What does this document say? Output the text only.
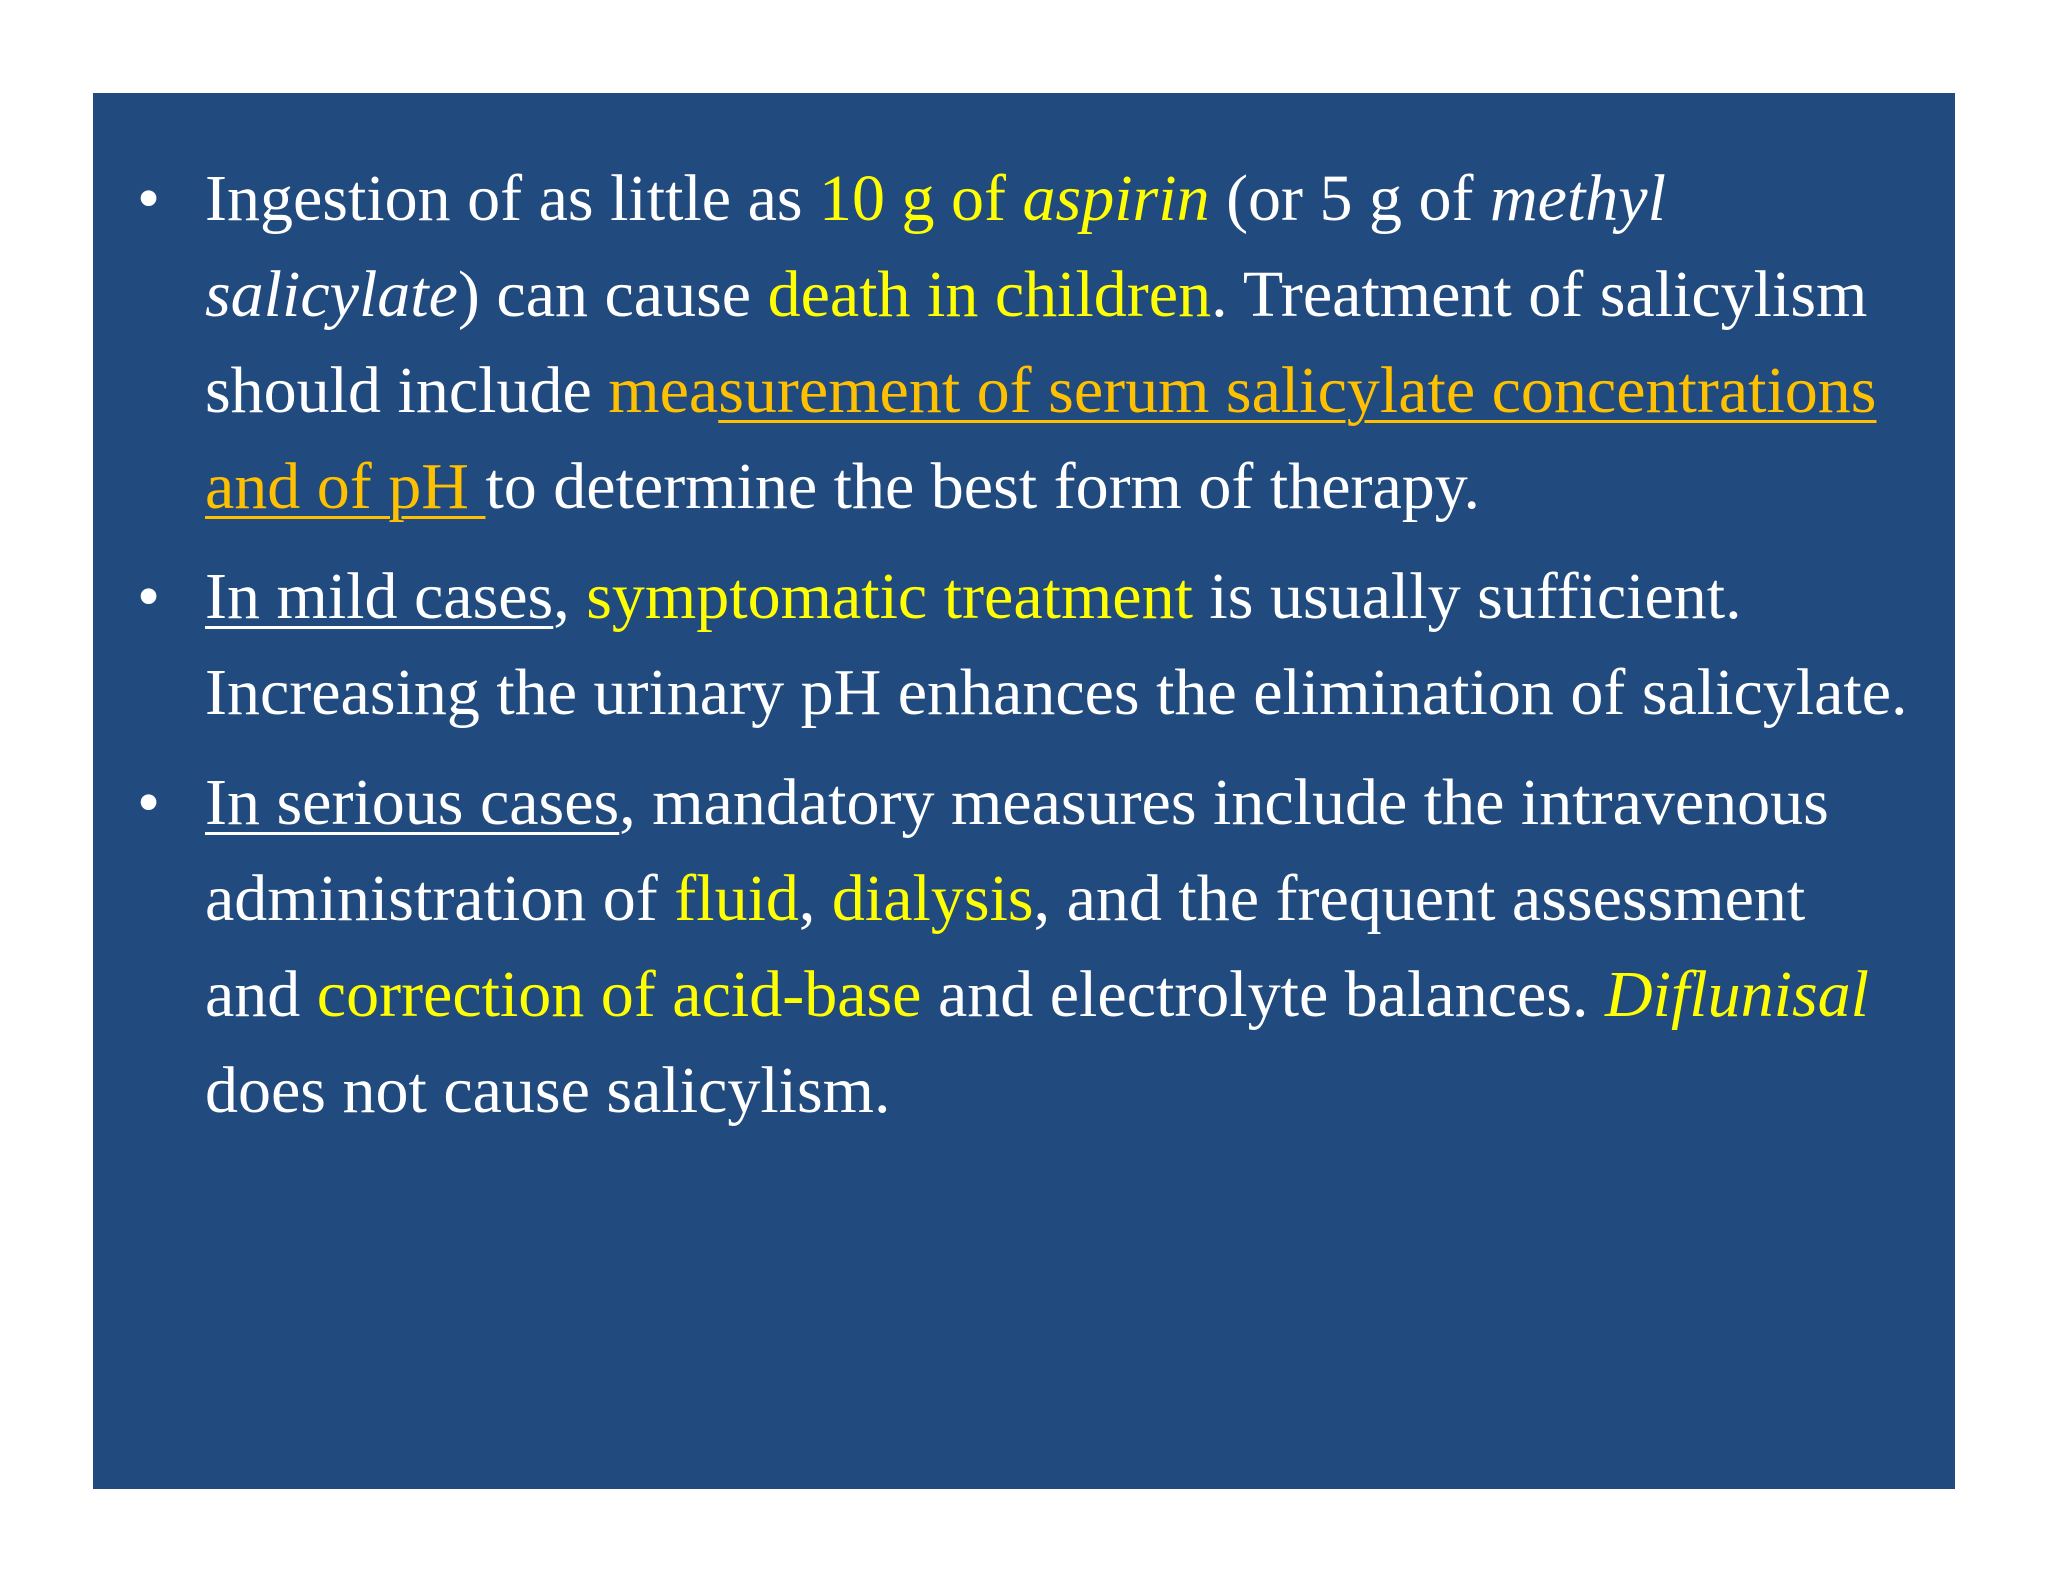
• Ingestion of as little as 10 g of aspirin (or 5 g of methyl salicylate) can cause death in children. Treatment of salicylism should include measurement of serum salicylate concentrations and of pH to determine the best form of therapy.
• In mild cases, symptomatic treatment is usually sufficient. Increasing the urinary pH enhances the elimination of salicylate.
• In serious cases, mandatory measures include the intravenous administration of fluid, dialysis, and the frequent assessment and correction of acid-base and electrolyte balances. Diflunisal does not cause salicylism.
